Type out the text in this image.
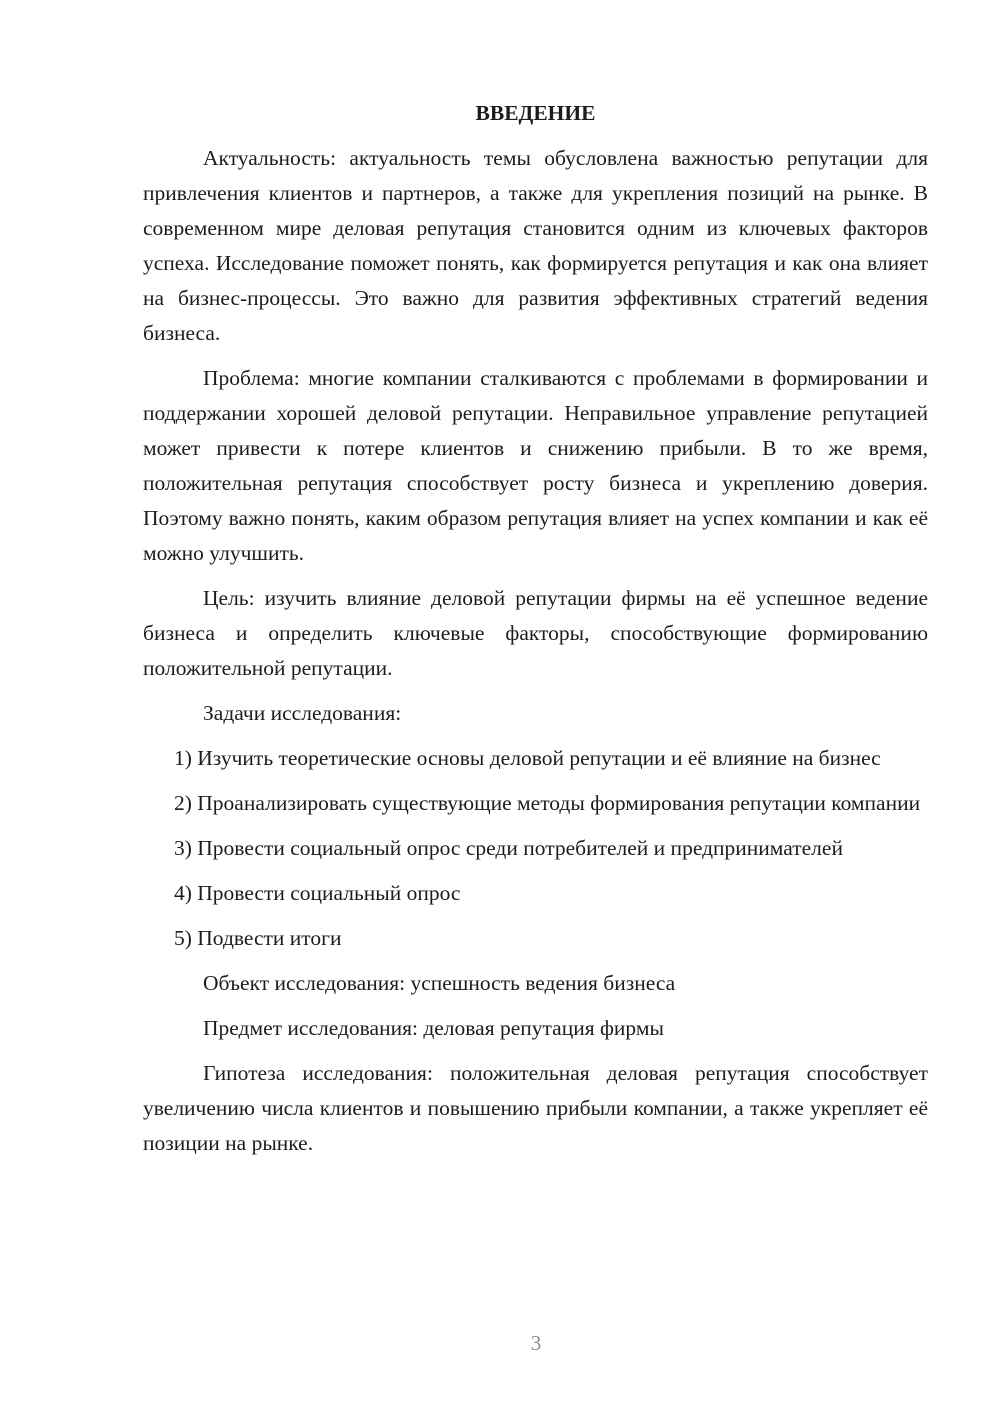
ВВЕДЕНИЕ

Актуальность: актуальность темы обусловлена важностью репутации для привлечения клиентов и партнеров, а также для укрепления позиций на рынке. В современном мире деловая репутация становится одним из ключевых факторов успеха. Исследование поможет понять, как формируется репутация и как она влияет на бизнес-процессы. Это важно для развития эффективных стратегий ведения бизнеса.

Проблема: многие компании сталкиваются с проблемами в формировании и поддержании хорошей деловой репутации. Неправильное управление репутацией может привести к потере клиентов и снижению прибыли. В то же время, положительная репутация способствует росту бизнеса и укреплению доверия. Поэтому важно понять, каким образом репутация влияет на успех компании и как её можно улучшить.

Цель: изучить влияние деловой репутации фирмы на её успешное ведение бизнеса и определить ключевые факторы, способствующие формированию положительной репутации.

Задачи исследования:

1) Изучить теоретические основы деловой репутации и её влияние на бизнес

2) Проанализировать существующие методы формирования репутации компании

3) Провести социальный опрос среди потребителей и предпринимателей

4) Провести социальный опрос

5) Подвести итоги

Объект исследования: успешность ведения бизнеса

Предмет исследования: деловая репутация фирмы

Гипотеза исследования: положительная деловая репутация способствует увеличению числа клиентов и повышению прибыли компании, а также укрепляет её позиции на рынке.

3
